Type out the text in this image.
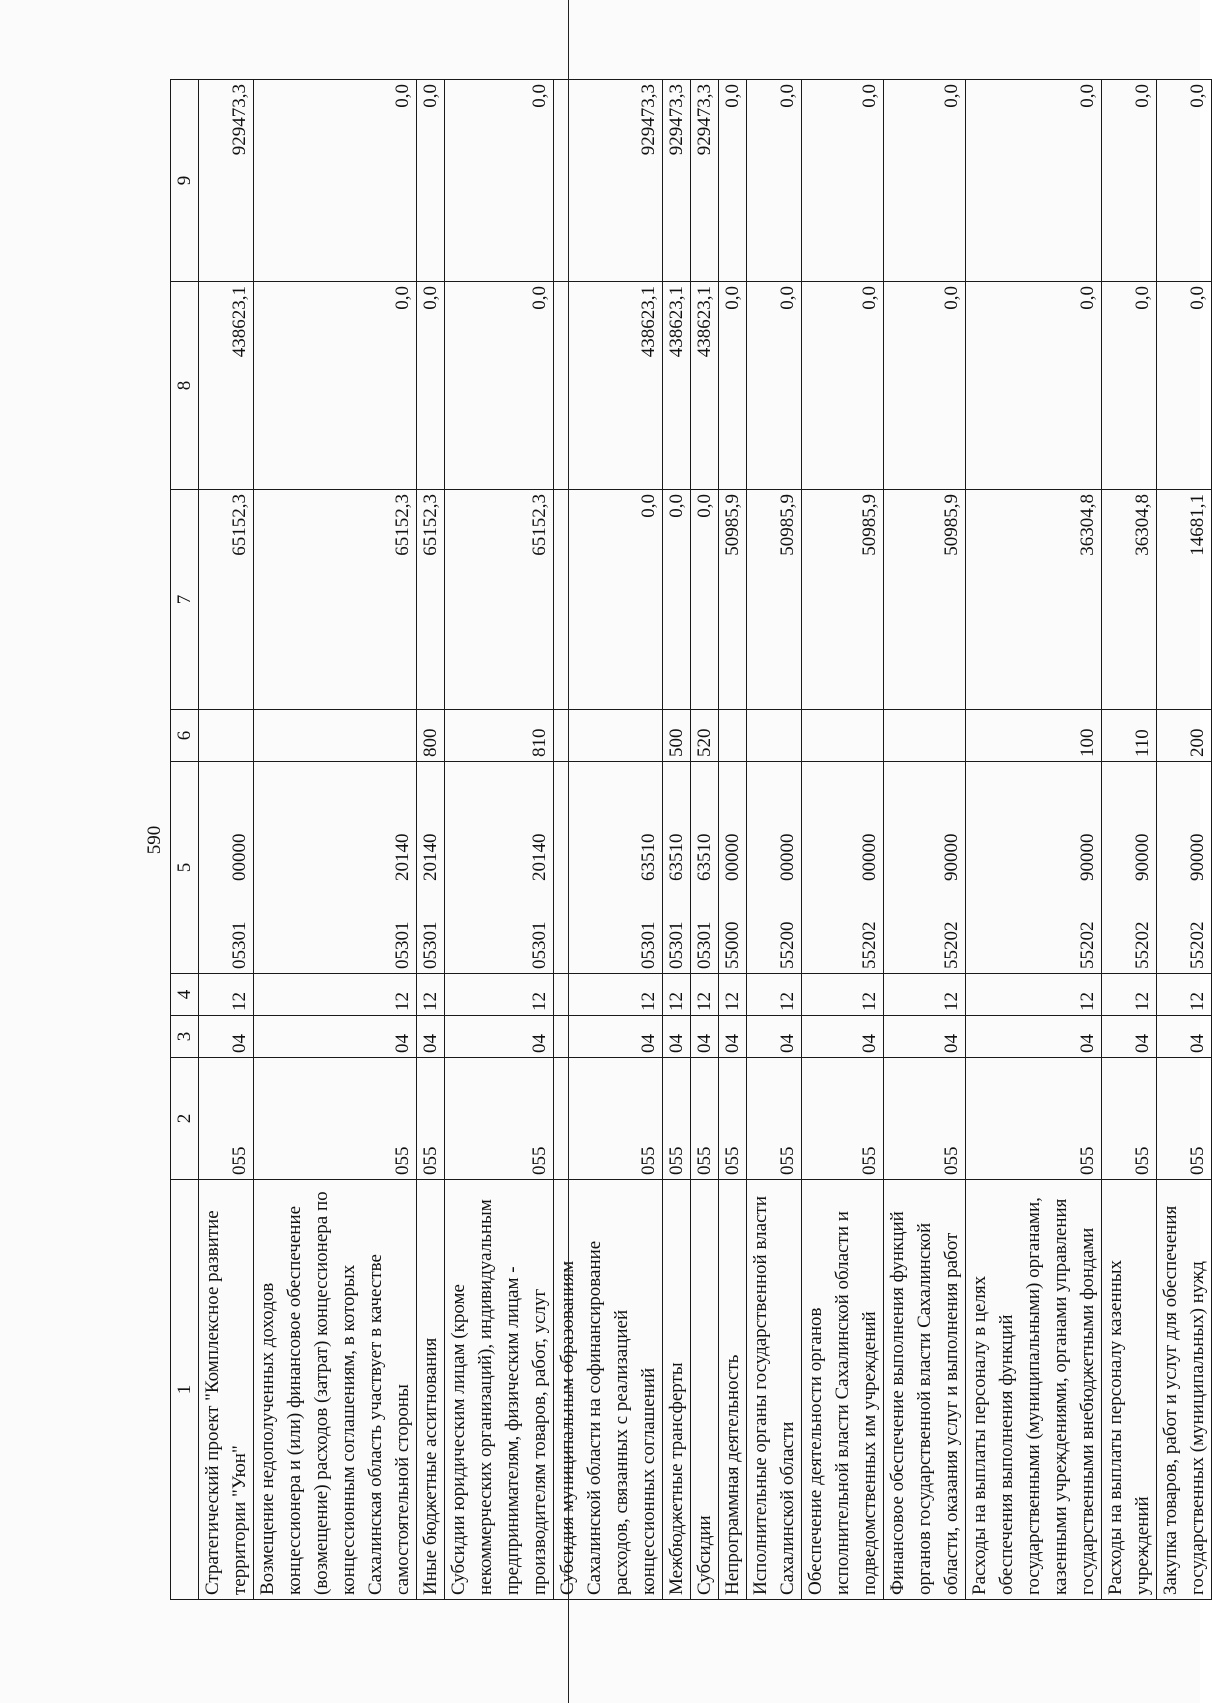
590
1	2	3	4	5	6	7	8	9
Стратегический проект "Комплексное развитие территории "Уюн"	055	04	12	0530100000		65152,3	438623,1	929473,3
Возмещение недополученных доходов концессионера и (или) финансовое обеспечение (возмещение) расходов (затрат) концессионера по концессионным соглашениям, в которых Сахалинская область участвует в качестве самостоятельной стороны	055	04	12	0530120140		65152,3	0,0	0,0
Иные бюджетные ассигнования	055	04	12	0530120140	800	65152,3	0,0	0,0
Субсидии юридическим лицам (кроме некоммерческих организаций), индивидуальным предпринимателям, физическим лицам - производителям товаров, работ, услуг	055	04	12	0530120140	810	65152,3	0,0	0,0
Субсидия муниципальным образованиям Сахалинской области на софинансирование расходов, связанных с реализацией концессионных соглашений	055	04	12	0530163510		0,0	438623,1	929473,3
Межбюджетные трансферты	055	04	12	0530163510	500	0,0	438623,1	929473,3
Субсидии	055	04	12	0530163510	520	0,0	438623,1	929473,3
Непрограммная деятельность	055	04	12	5500000000		50985,9	0,0	0,0
Исполнительные органы государственной власти Сахалинской области	055	04	12	5520000000		50985,9	0,0	0,0
Обеспечение деятельности органов исполнительной власти Сахалинской области и подведомственных им учреждений	055	04	12	5520200000		50985,9	0,0	0,0
Финансовое обеспечение выполнения функций органов государственной власти Сахалинской области, оказания услуг и выполнения работ	055	04	12	5520290000		50985,9	0,0	0,0
Расходы на выплаты персоналу в целях обеспечения выполнения функций государственными (муниципальными) органами, казенными учреждениями, органами управления государственными внебюджетными фондами	055	04	12	5520290000	100	36304,8	0,0	0,0
Расходы на выплаты персоналу казенных учреждений	055	04	12	5520290000	110	36304,8	0,0	0,0
Закупка товаров, работ и услуг для обеспечения государственных (муниципальных) нужд	055	04	12	5520290000	200	14681,1	0,0	0,0
